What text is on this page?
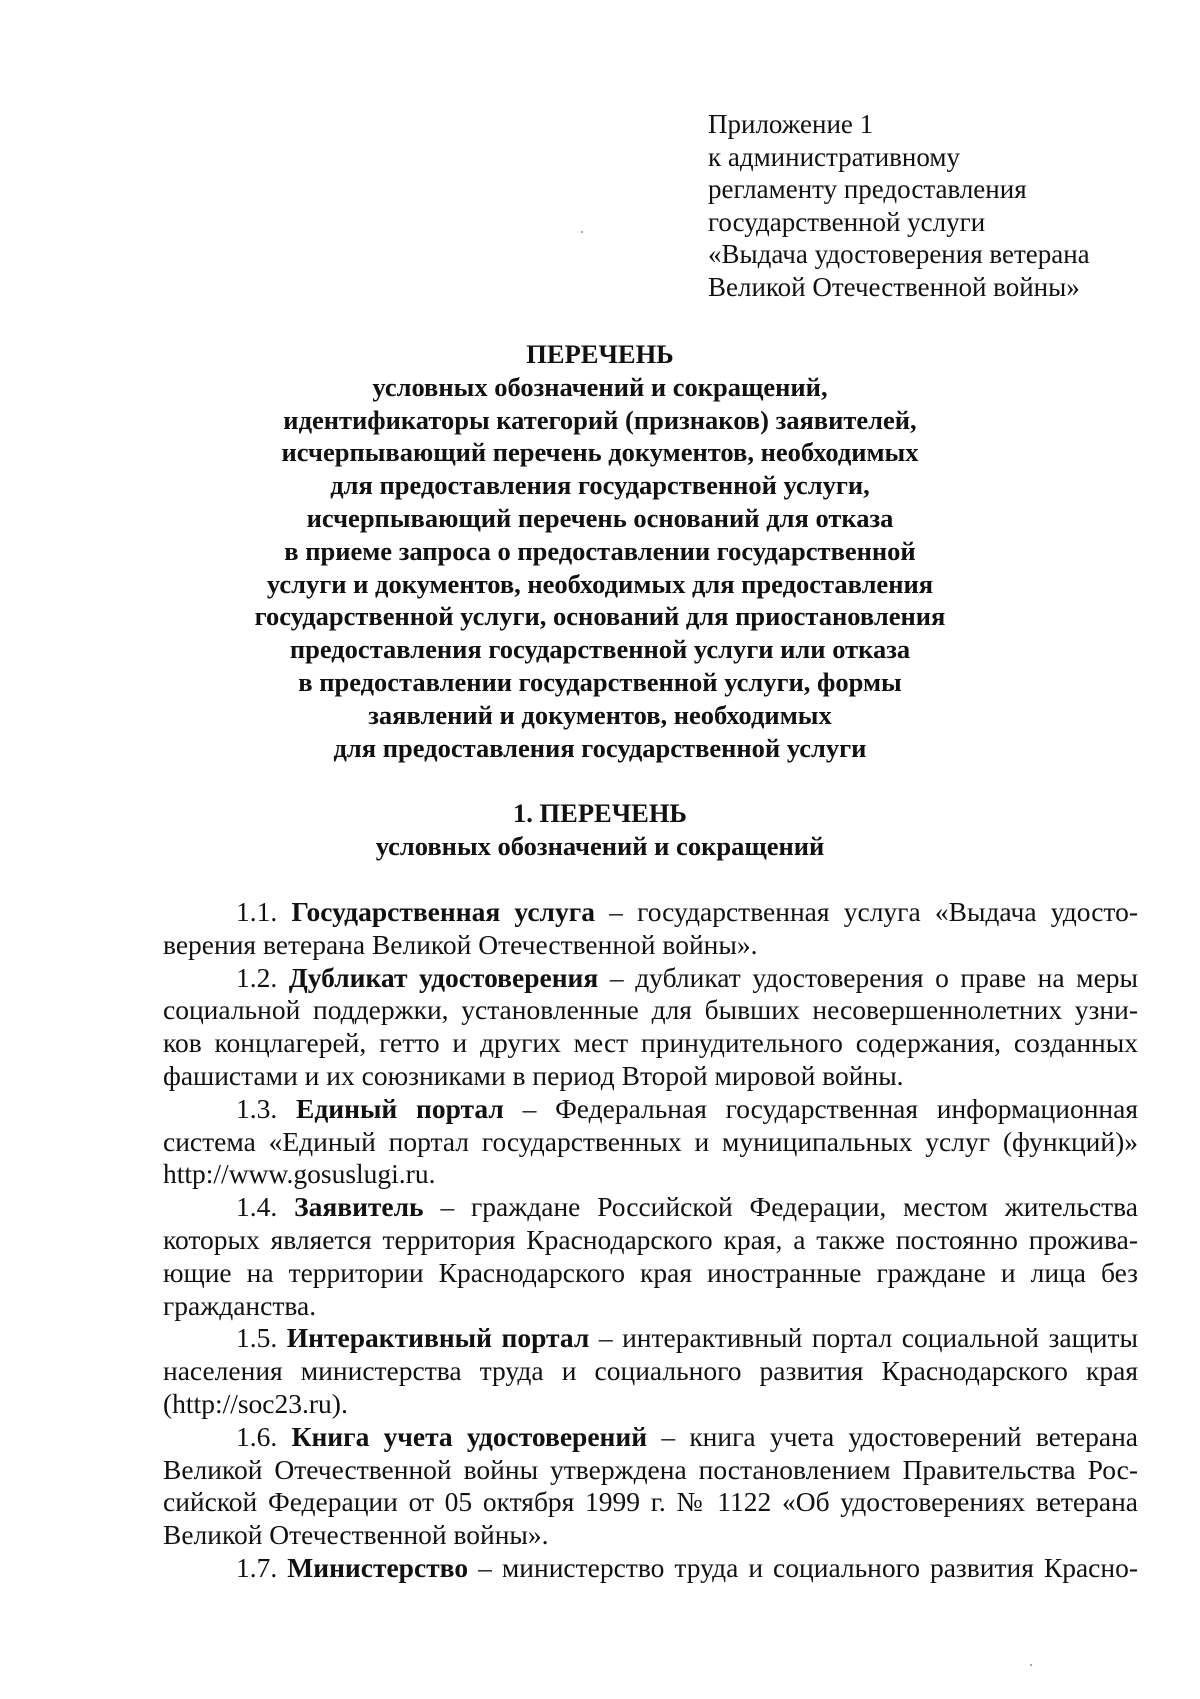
Приложение 1
к административному
регламенту предоставления
государственной услуги
«Выдача удостоверения ветерана
Великой Отечественной войны»
ПЕРЕЧЕНЬ
условных обозначений и сокращений,
идентификаторы категорий (признаков) заявителей,
исчерпывающий перечень документов, необходимых
для предоставления государственной услуги,
исчерпывающий перечень оснований для отказа
в приеме запроса о предоставлении государственной
услуги и документов, необходимых для предоставления
государственной услуги, оснований для приостановления
предоставления государственной услуги или отказа
в предоставлении государственной услуги, формы
заявлений и документов, необходимых
для предоставления государственной услуги
1. ПЕРЕЧЕНЬ
условных обозначений и сокращений
1.1. Государственная услуга – государственная услуга «Выдача удосто-
верения ветерана Великой Отечественной войны».
1.2. Дубликат удостоверения – дубликат удостоверения о праве на меры
социальной поддержки, установленные для бывших несовершеннолетних узни-
ков концлагерей, гетто и других мест принудительного содержания, созданных
фашистами и их союзниками в период Второй мировой войны.
1.3. Единый портал – Федеральная государственная информационная
система «Единый портал государственных и муниципальных услуг (функций)»
http://www.gosuslugi.ru.
1.4. Заявитель – граждане Российской Федерации, местом жительства
которых является территория Краснодарского края, а также постоянно прожива-
ющие на территории Краснодарского края иностранные граждане и лица без
гражданства.
1.5. Интерактивный портал – интерактивный портал социальной защиты
населения министерства труда и социального развития Краснодарского края
(http://soc23.ru).
1.6. Книга учета удостоверений – книга учета удостоверений ветерана
Великой Отечественной войны утверждена постановлением Правительства Рос-
сийской Федерации от 05 октября 1999 г. № 1122 «Об удостоверениях ветерана
Великой Отечественной войны».
1.7. Министерство – министерство труда и социального развития Красно-
